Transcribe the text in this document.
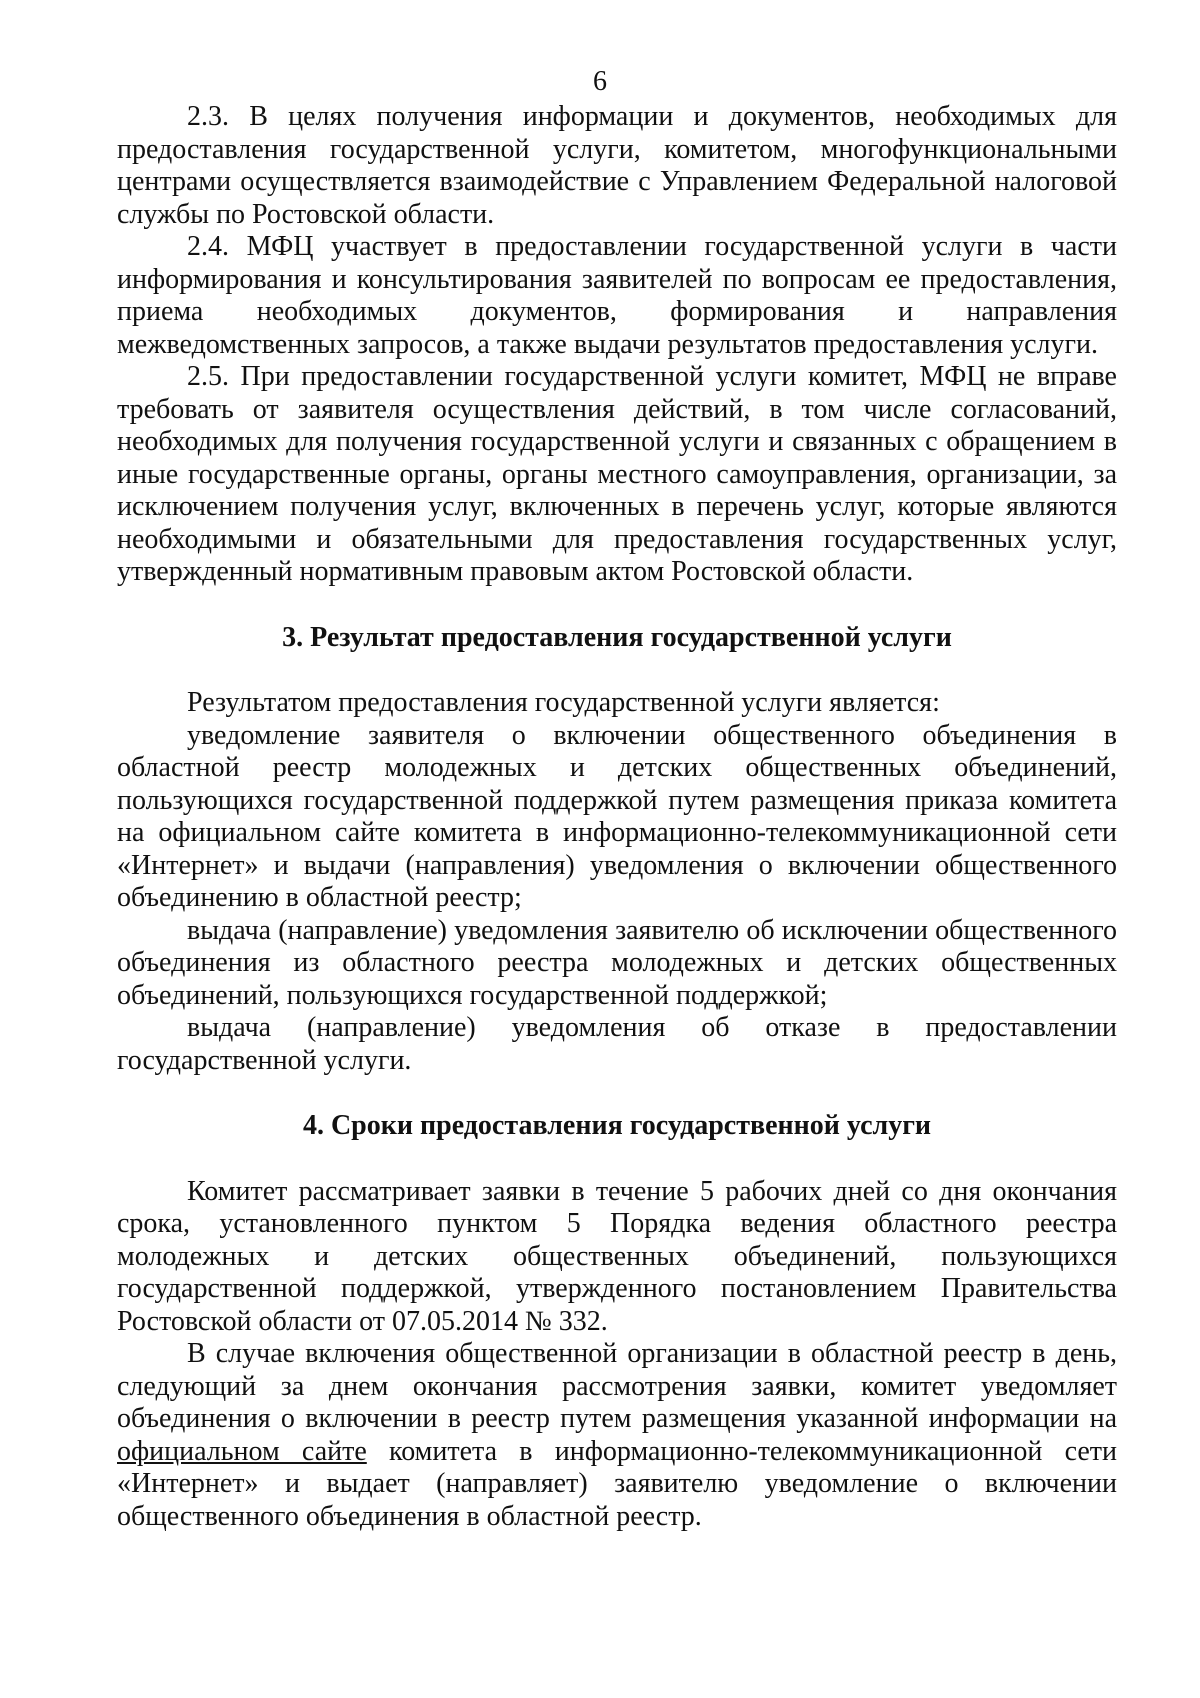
6

2.3. В целях получения информации и документов, необходимых для предоставления государственной услуги, комитетом, многофункциональными центрами осуществляется взаимодействие с Управлением Федеральной налоговой службы по Ростовской области.

2.4. МФЦ участвует в предоставлении государственной услуги в части информирования и консультирования заявителей по вопросам ее предоставления, приема необходимых документов, формирования и направления межведомственных запросов, а также выдачи результатов предоставления услуги.

2.5. При предоставлении государственной услуги комитет, МФЦ не вправе требовать от заявителя осуществления действий, в том числе согласований, необходимых для получения государственной услуги и связанных с обращением в иные государственные органы, органы местного самоуправления, организации, за исключением получения услуг, включенных в перечень услуг, которые являются необходимыми и обязательными для предоставления государственных услуг, утвержденный нормативным правовым актом Ростовской области.

3. Результат предоставления государственной услуги

Результатом предоставления государственной услуги является:

уведомление заявителя о включении общественного объединения в областной реестр молодежных и детских общественных объединений, пользующихся государственной поддержкой путем размещения приказа комитета на официальном сайте комитета в информационно-телекоммуникационной сети «Интернет» и выдачи (направления) уведомления о включении общественного объединению в областной реестр;

выдача (направление) уведомления заявителю об исключении общественного объединения из областного реестра молодежных и детских общественных объединений, пользующихся государственной поддержкой;

выдача (направление) уведомления об отказе в предоставлении государственной услуги.

4. Сроки предоставления государственной услуги

Комитет рассматривает заявки в течение 5 рабочих дней со дня окончания срока, установленного пунктом 5 Порядка ведения областного реестра молодежных и детских общественных объединений, пользующихся государственной поддержкой, утвержденного постановлением Правительства Ростовской области от 07.05.2014 № 332.

В случае включения общественной организации в областной реестр в день, следующий за днем окончания рассмотрения заявки, комитет уведомляет объединения о включении в реестр путем размещения указанной информации на официальном сайте комитета в информационно-телекоммуникационной сети «Интернет» и выдает (направляет) заявителю уведомление о включении общественного объединения в областной реестр.
